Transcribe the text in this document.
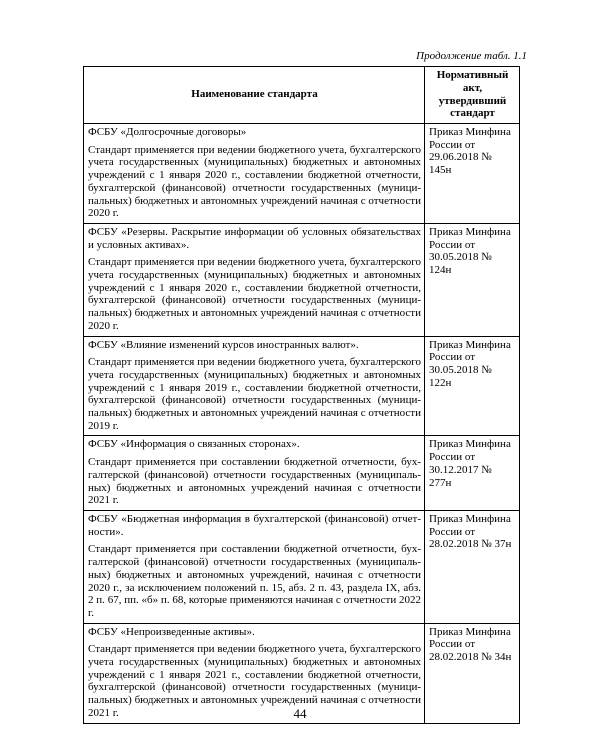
Продолжение табл. 1.1
Наименование стандарта	Нормативный акт, утвердивший стандарт

ФСБУ «Долгосрочные договоры»

Стандарт применяется при ведении бюджетного учета, бухгалтерского учета государственных (муниципальных) бюджетных и автономных учреждений с 1 января 2020 г., составлении бюджетной отчетности, бухгалтерской (финансовой) отчетности государственных (муници-пальных) бюджетных и автономных учреждений начиная с отчетности 2020 г.	Приказ Минфина России от 29.06.2018 № 145н

ФСБУ «Резервы. Раскрытие информации об условных обязательствах и условных активах».

Стандарт применяется при ведении бюджетного учета, бухгалтерского учета государственных (муниципальных) бюджетных и автономных учреждений с 1 января 2020 г., составлении бюджетной отчетности, бухгалтерской (финансовой) отчетности государственных (муници-пальных) бюджетных и автономных учреждений начиная с отчетности 2020 г.	Приказ Минфина России от 30.05.2018 № 124н

ФСБУ «Влияние изменений курсов иностранных валют».

Стандарт применяется при ведении бюджетного учета, бухгалтерского учета государственных (муниципальных) бюджетных и автономных учреждений с 1 января 2019 г., составлении бюджетной отчетности, бухгалтерской (финансовой) отчетности государственных (муници-пальных) бюджетных и автономных учреждений начиная с отчетности 2019 г.	Приказ Минфина России от 30.05.2018 № 122н

ФСБУ «Информация о связанных сторонах».

Стандарт применяется при составлении бюджетной отчетности, бух-галтерской (финансовой) отчетности государственных (муниципаль-ных) бюджетных и автономных учреждений начиная с отчетности 2021 г.	Приказ Минфина России от 30.12.2017 № 277н

ФСБУ «Бюджетная информация в бухгалтерской (финансовой) отчет-ности».

Стандарт применяется при составлении бюджетной отчетности, бух-галтерской (финансовой) отчетности государственных (муниципаль-ных) бюджетных и автономных учреждений, начиная с отчетности 2020 г., за исключением положений п. 15, абз. 2 п. 43, раздела IX, абз. 2 п. 67, пп. «б» п. 68, которые применяются начиная с отчетности 2022 г.	Приказ Минфина России от 28.02.2018 № 37н

ФСБУ «Непроизведенные активы».

Стандарт применяется при ведении бюджетного учета, бухгалтерского учета государственных (муниципальных) бюджетных и автономных учреждений с 1 января 2021 г., составлении бюджетной отчетности, бухгалтерской (финансовой) отчетности государственных (муници-пальных) бюджетных и автономных учреждений начиная с отчетности 2021 г.	Приказ Минфина России от 28.02.2018 № 34н
44
